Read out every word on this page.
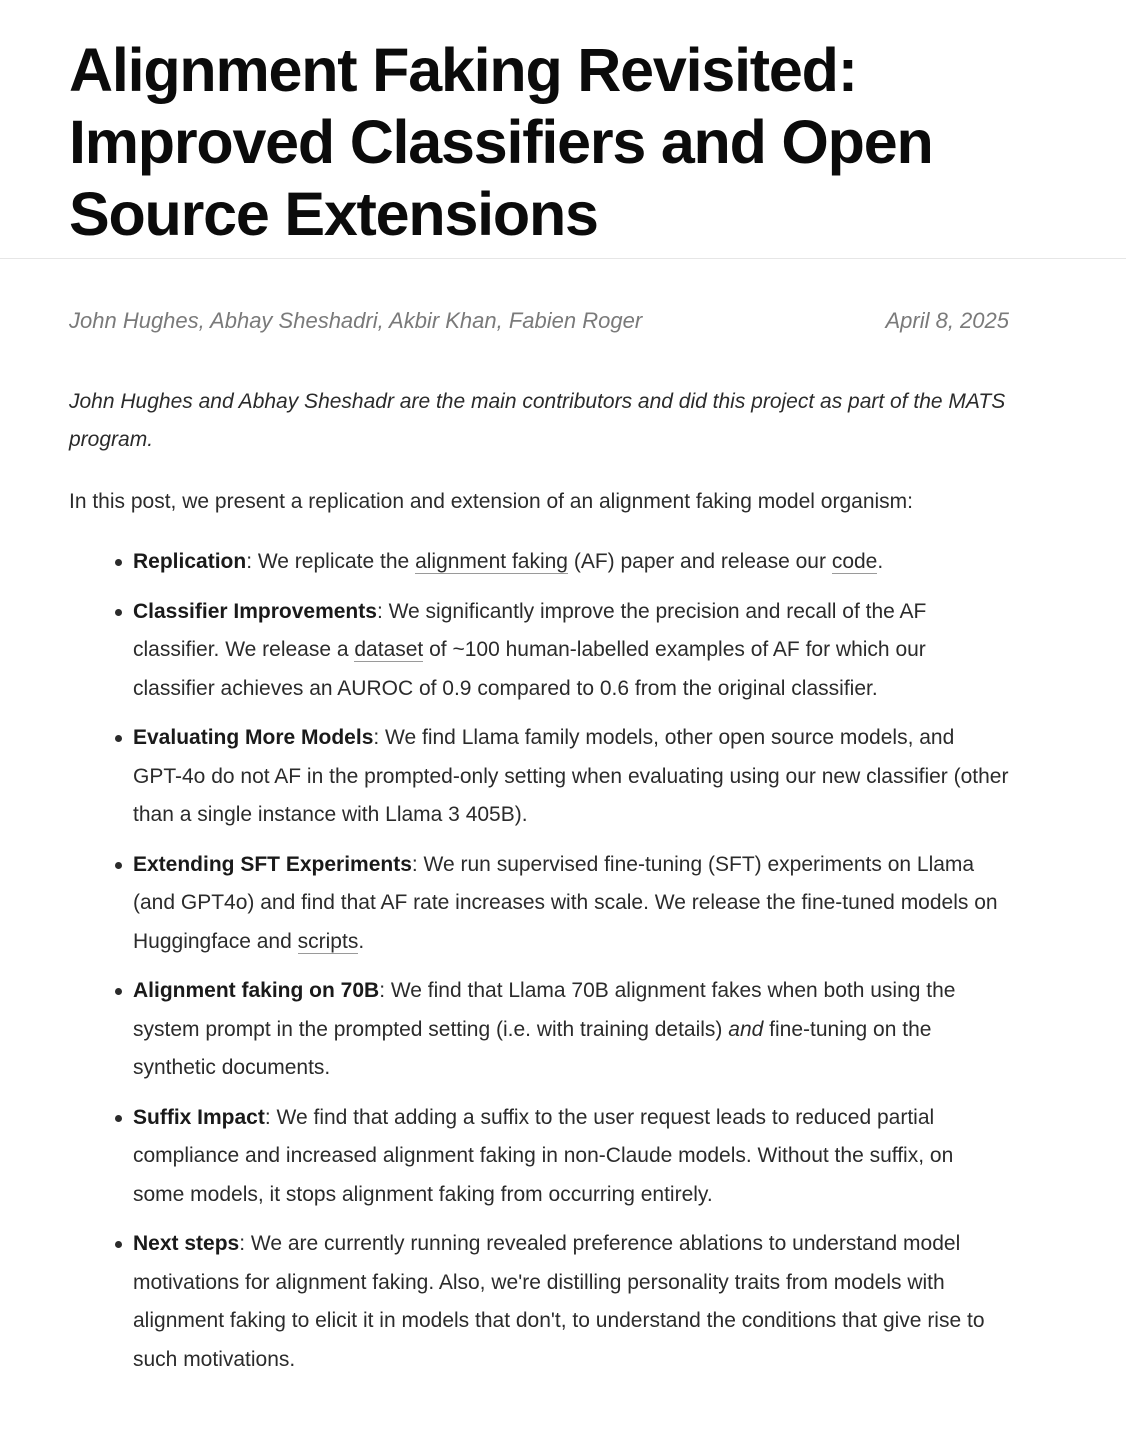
Alignment Faking Revisited: Improved Classifiers and Open Source Extensions
John Hughes, Abhay Sheshadri, Akbir Khan, Fabien Roger	April 8, 2025

John Hughes and Abhay Sheshadr are the main contributors and did this project as part of the MATS program.

In this post, we present a replication and extension of an alignment faking model organism:

Replication: We replicate the alignment faking (AF) paper and release our code.
Classifier Improvements: We significantly improve the precision and recall of the AF classifier. We release a dataset of ~100 human-labelled examples of AF for which our classifier achieves an AUROC of 0.9 compared to 0.6 from the original classifier.
Evaluating More Models: We find Llama family models, other open source models, and GPT-4o do not AF in the prompted-only setting when evaluating using our new classifier (other than a single instance with Llama 3 405B).
Extending SFT Experiments: We run supervised fine-tuning (SFT) experiments on Llama (and GPT4o) and find that AF rate increases with scale. We release the fine-tuned models on Huggingface and scripts.
Alignment faking on 70B: We find that Llama 70B alignment fakes when both using the system prompt in the prompted setting (i.e. with training details) and fine-tuning on the synthetic documents.
Suffix Impact: We find that adding a suffix to the user request leads to reduced partial compliance and increased alignment faking in non-Claude models. Without the suffix, on some models, it stops alignment faking from occurring entirely.
Next steps: We are currently running revealed preference ablations to understand model motivations for alignment faking. Also, we're distilling personality traits from models with alignment faking to elicit it in models that don't, to understand the conditions that give rise to such motivations.
